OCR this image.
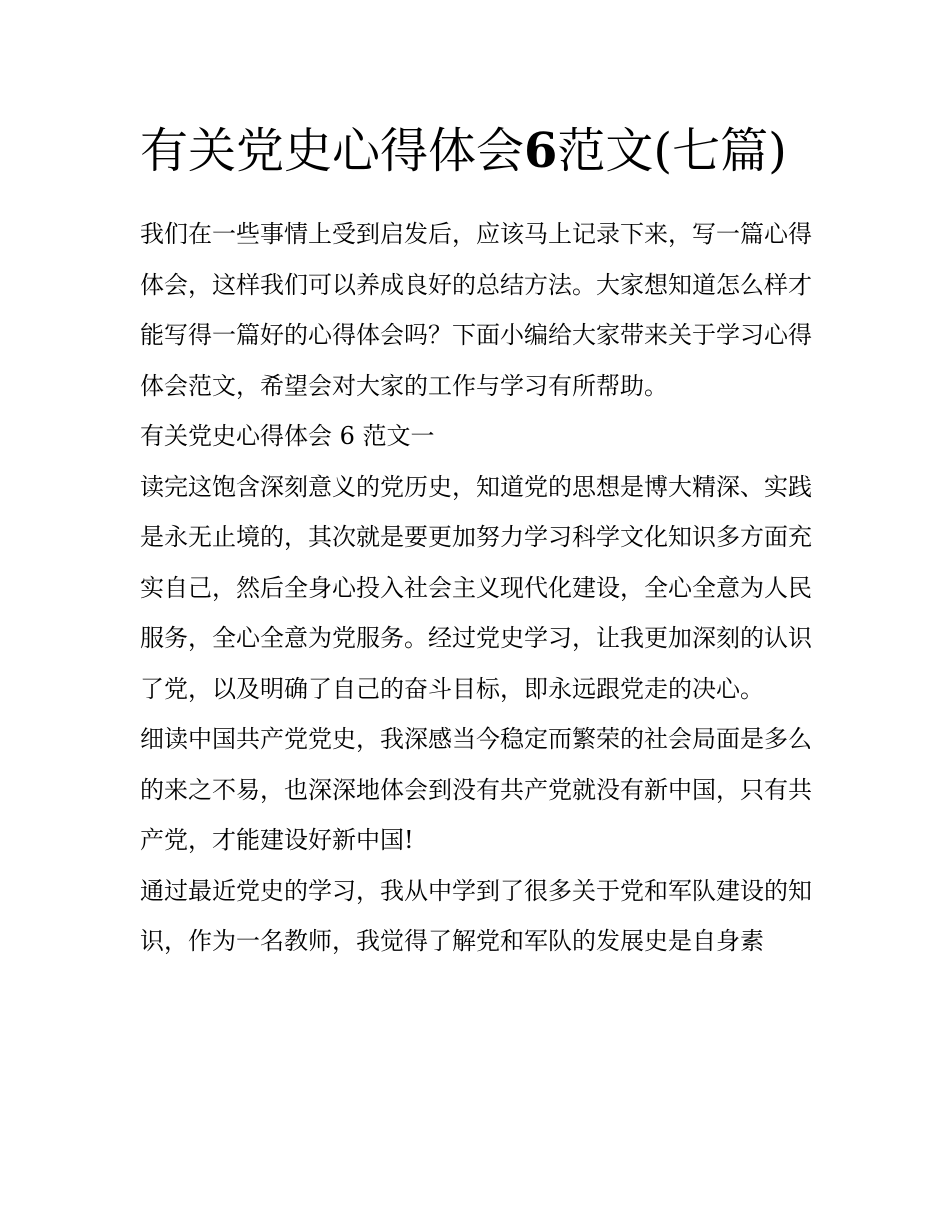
有关党史心得体会6范文(七篇)

我们在一些事情上受到启发后，应该马上记录下来，写一篇心得体会，这样我们可以养成良好的总结方法。大家想知道怎么样才能写得一篇好的心得体会吗？下面小编给大家带来关于学习心得体会范文，希望会对大家的工作与学习有所帮助。

有关党史心得体会 6 范文一

读完这饱含深刻意义的党历史，知道党的思想是博大精深、实践是永无止境的，其次就是要更加努力学习科学文化知识多方面充实自己，然后全身心投入社会主义现代化建设，全心全意为人民服务，全心全意为党服务。经过党史学习，让我更加深刻的认识了党，以及明确了自己的奋斗目标，即永远跟党走的决心。

细读中国共产党党史，我深感当今稳定而繁荣的社会局面是多么的来之不易，也深深地体会到没有共产党就没有新中国，只有共产党，才能建设好新中国!

通过最近党史的学习，我从中学到了很多关于党和军队建设的知识，作为一名教师，我觉得了解党和军队的发展史是自身素
